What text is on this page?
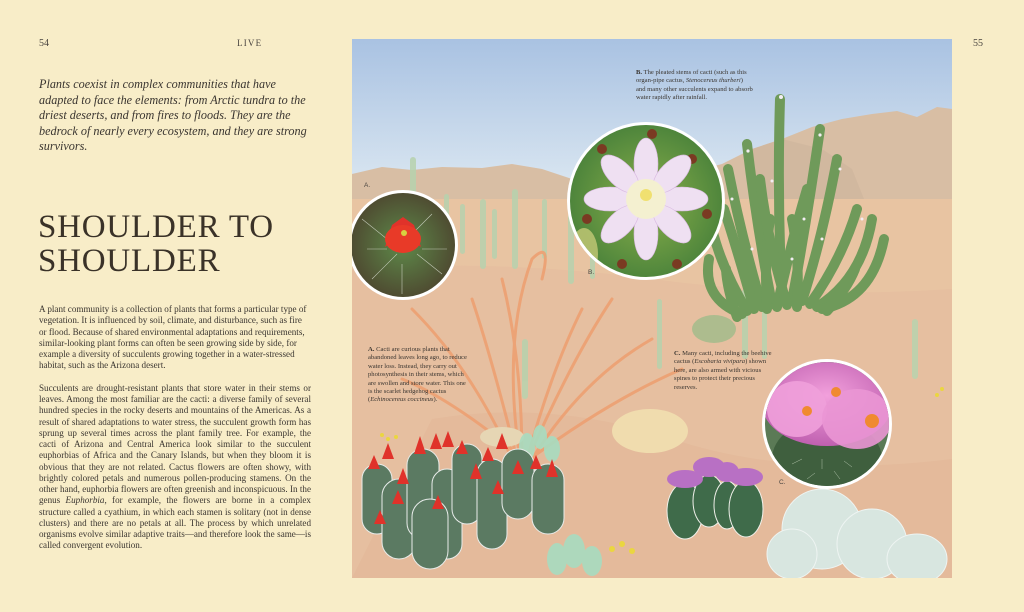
54	LIVE
Plants coexist in complex communities that have adapted to face the elements: from Arctic tundra to the driest deserts, and from fires to floods. They are the bedrock of nearly every ecosystem, and they are strong survivors.
SHOULDER TO
SHOULDER

A plant community is a collection of plants that forms a particular type of vegetation. It is influenced by soil, climate, and disturbance, such as fire or flood. Because of shared environmental adaptations and requirements, similar-looking plant forms can often be seen growing side by side, for example a diversity of succulents growing together in a water-stressed habitat, such as the Arizona desert.

Succulents are drought-resistant plants that store water in their stems or leaves. Among the most familiar are the cacti: a diverse family of several hundred species in the rocky deserts and mountains of the Americas. As a result of shared adaptations to water stress, the succulent growth form has sprung up several times across the plant family tree. For example, the cacti of Arizona and Central America look similar to the succulent euphorbias of Africa and the Canary Islands, but when they bloom it is obvious that they are not related. Cactus flowers are often showy, with brightly colored petals and numerous pollen-producing stamens. On the other hand, euphorbia flowers are often greenish and inconspicuous. In the genus Euphorbia, for example, the flowers are borne in a complex structure called a cyathium, in which each stamen is solitary (not in dense clusters) and there are no petals at all. The process by which unrelated organisms evolve similar adaptive traits—and therefore look the same—is called convergent evolution.

55
A.
B.
C.
B. The pleated stems of cacti (such as this organ-pipe cactus, Stenocereus thurberi) and many other succulents expand to absorb water rapidly after rainfall.
A. Cacti are curious plants that abandoned leaves long ago, to reduce water loss. Instead, they carry out photosynthesis in their stems, which are swollen and store water. This one is the scarlet hedgehog cactus (Echinocereus coccineus).
C. Many cacti, including the beehive cactus (Escobaria vivipara) shown here, are also armed with vicious spines to protect their precious reserves.
